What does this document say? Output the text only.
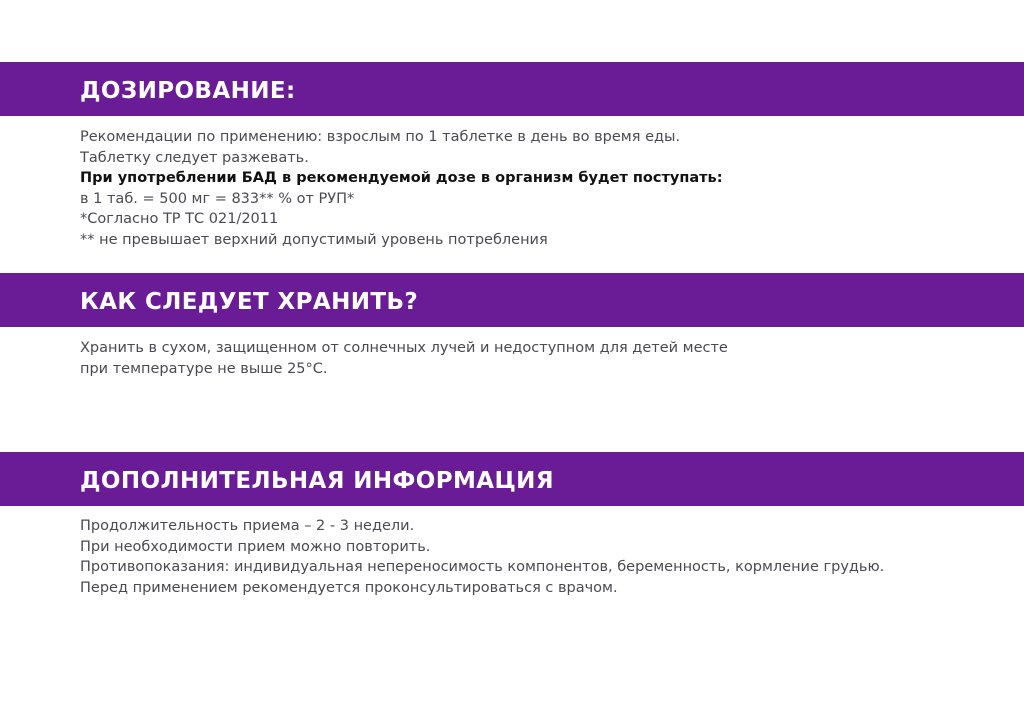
ДОЗИРОВАНИЕ:
Рекомендации по применению: взрослым по 1 таблетке в день во время еды.
Таблетку следует разжевать.
При употреблении БАД в рекомендуемой дозе в организм будет поступать:
в 1 таб. = 500 мг = 833** % от РУП*
*Согласно ТР ТС 021/2011
** не превышает верхний допустимый уровень потребления
КАК СЛЕДУЕТ ХРАНИТЬ?
Хранить в сухом, защищенном от солнечных лучей и недоступном для детей месте
при температуре не выше 25°С.
ДОПОЛНИТЕЛЬНАЯ ИНФОРМАЦИЯ
Продолжительность приема – 2 - 3 недели.
При необходимости прием можно повторить.
Противопоказания: индивидуальная непереносимость компонентов, беременность, кормление грудью.
Перед применением рекомендуется проконсультироваться с врачом.
